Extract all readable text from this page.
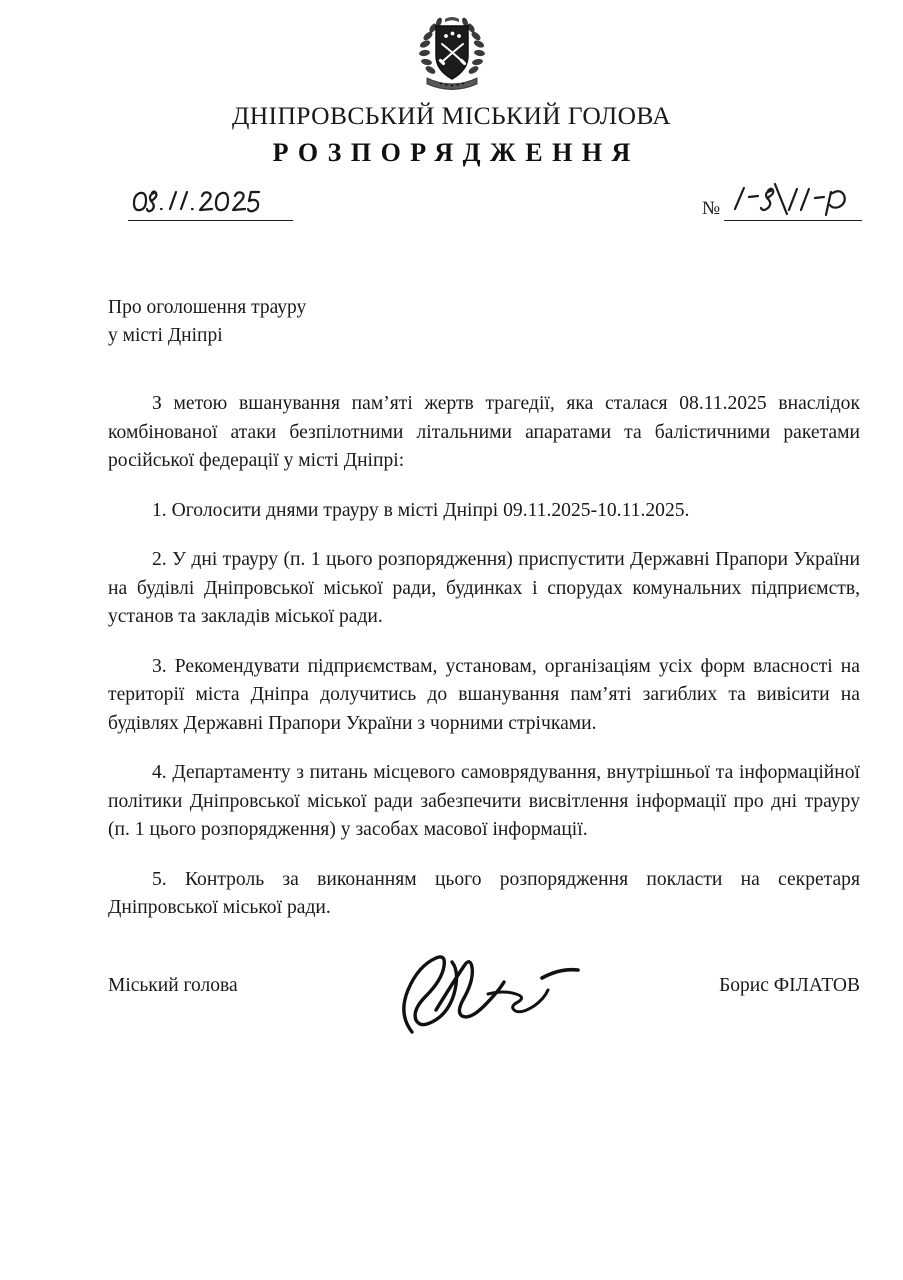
ДНІПРОВСЬКИЙ МІСЬКИЙ ГОЛОВА
РОЗПОРЯДЖЕННЯ
№
Про оголошення трауру
у місті Дніпрі

З метою вшанування пам’яті жертв трагедії, яка сталася 08.11.2025 внаслідок комбінованої атаки безпілотними літальними апаратами та балістичними ракетами російської федерації у місті Дніпрі:

1. Оголосити днями трауру в місті Дніпрі 09.11.2025-10.11.2025.

2. У дні трауру (п. 1 цього розпорядження) приспустити Державні Прапори України на будівлі Дніпровської міської ради, будинках і спорудах комунальних підприємств, установ та закладів міської ради.

3. Рекомендувати підприємствам, установам, організаціям усіх форм власності на території міста Дніпра долучитись до вшанування пам’яті загиблих та вивісити на будівлях Державні Прапори України з чорними стрічками.

4. Департаменту з питань місцевого самоврядування, внутрішньої та інформаційної політики Дніпровської міської ради забезпечити висвітлення інформації про дні трауру (п. 1 цього розпорядження) у засобах масової інформації.

5. Контроль за виконанням цього розпорядження покласти на секретаря Дніпровської міської ради.

Міський голова	Борис ФІЛАТОВ
